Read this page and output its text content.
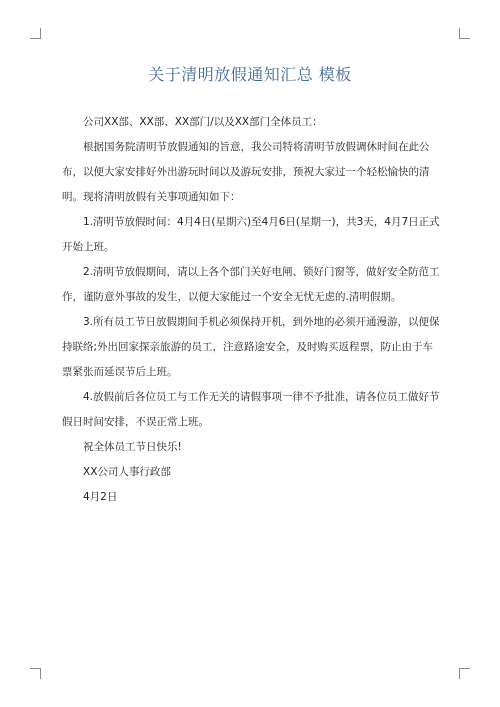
关于清明放假通知汇总 模板

公司XX部、XX部、XX部门/以及XX部门全体员工：

根据国务院清明节放假通知的旨意，我公司特将清明节放假调休时间在此公布，以便大家安排好外出游玩时间以及游玩安排，预祝大家过一个轻松愉快的清明。现将清明放假有关事项通知如下：

1.清明节放假时间：4月4日(星期六)至4月6日(星期一)，共3天，4月7日正式开始上班。

2.清明节放假期间，请以上各个部门关好电闸、锁好门窗等，做好安全防范工作，谨防意外事故的发生，以便大家能过一个安全无忧无虑的.清明假期。

3.所有员工节日放假期间手机必须保持开机，到外地的必须开通漫游，以便保持联络;外出回家探亲旅游的员工，注意路途安全，及时购买返程票，防止由于车票紧张而延误节后上班。

4.放假前后各位员工与工作无关的请假事项一律不予批准，请各位员工做好节假日时间安排，不误正常上班。

祝全体员工节日快乐!

XX公司人事行政部

4月2日
